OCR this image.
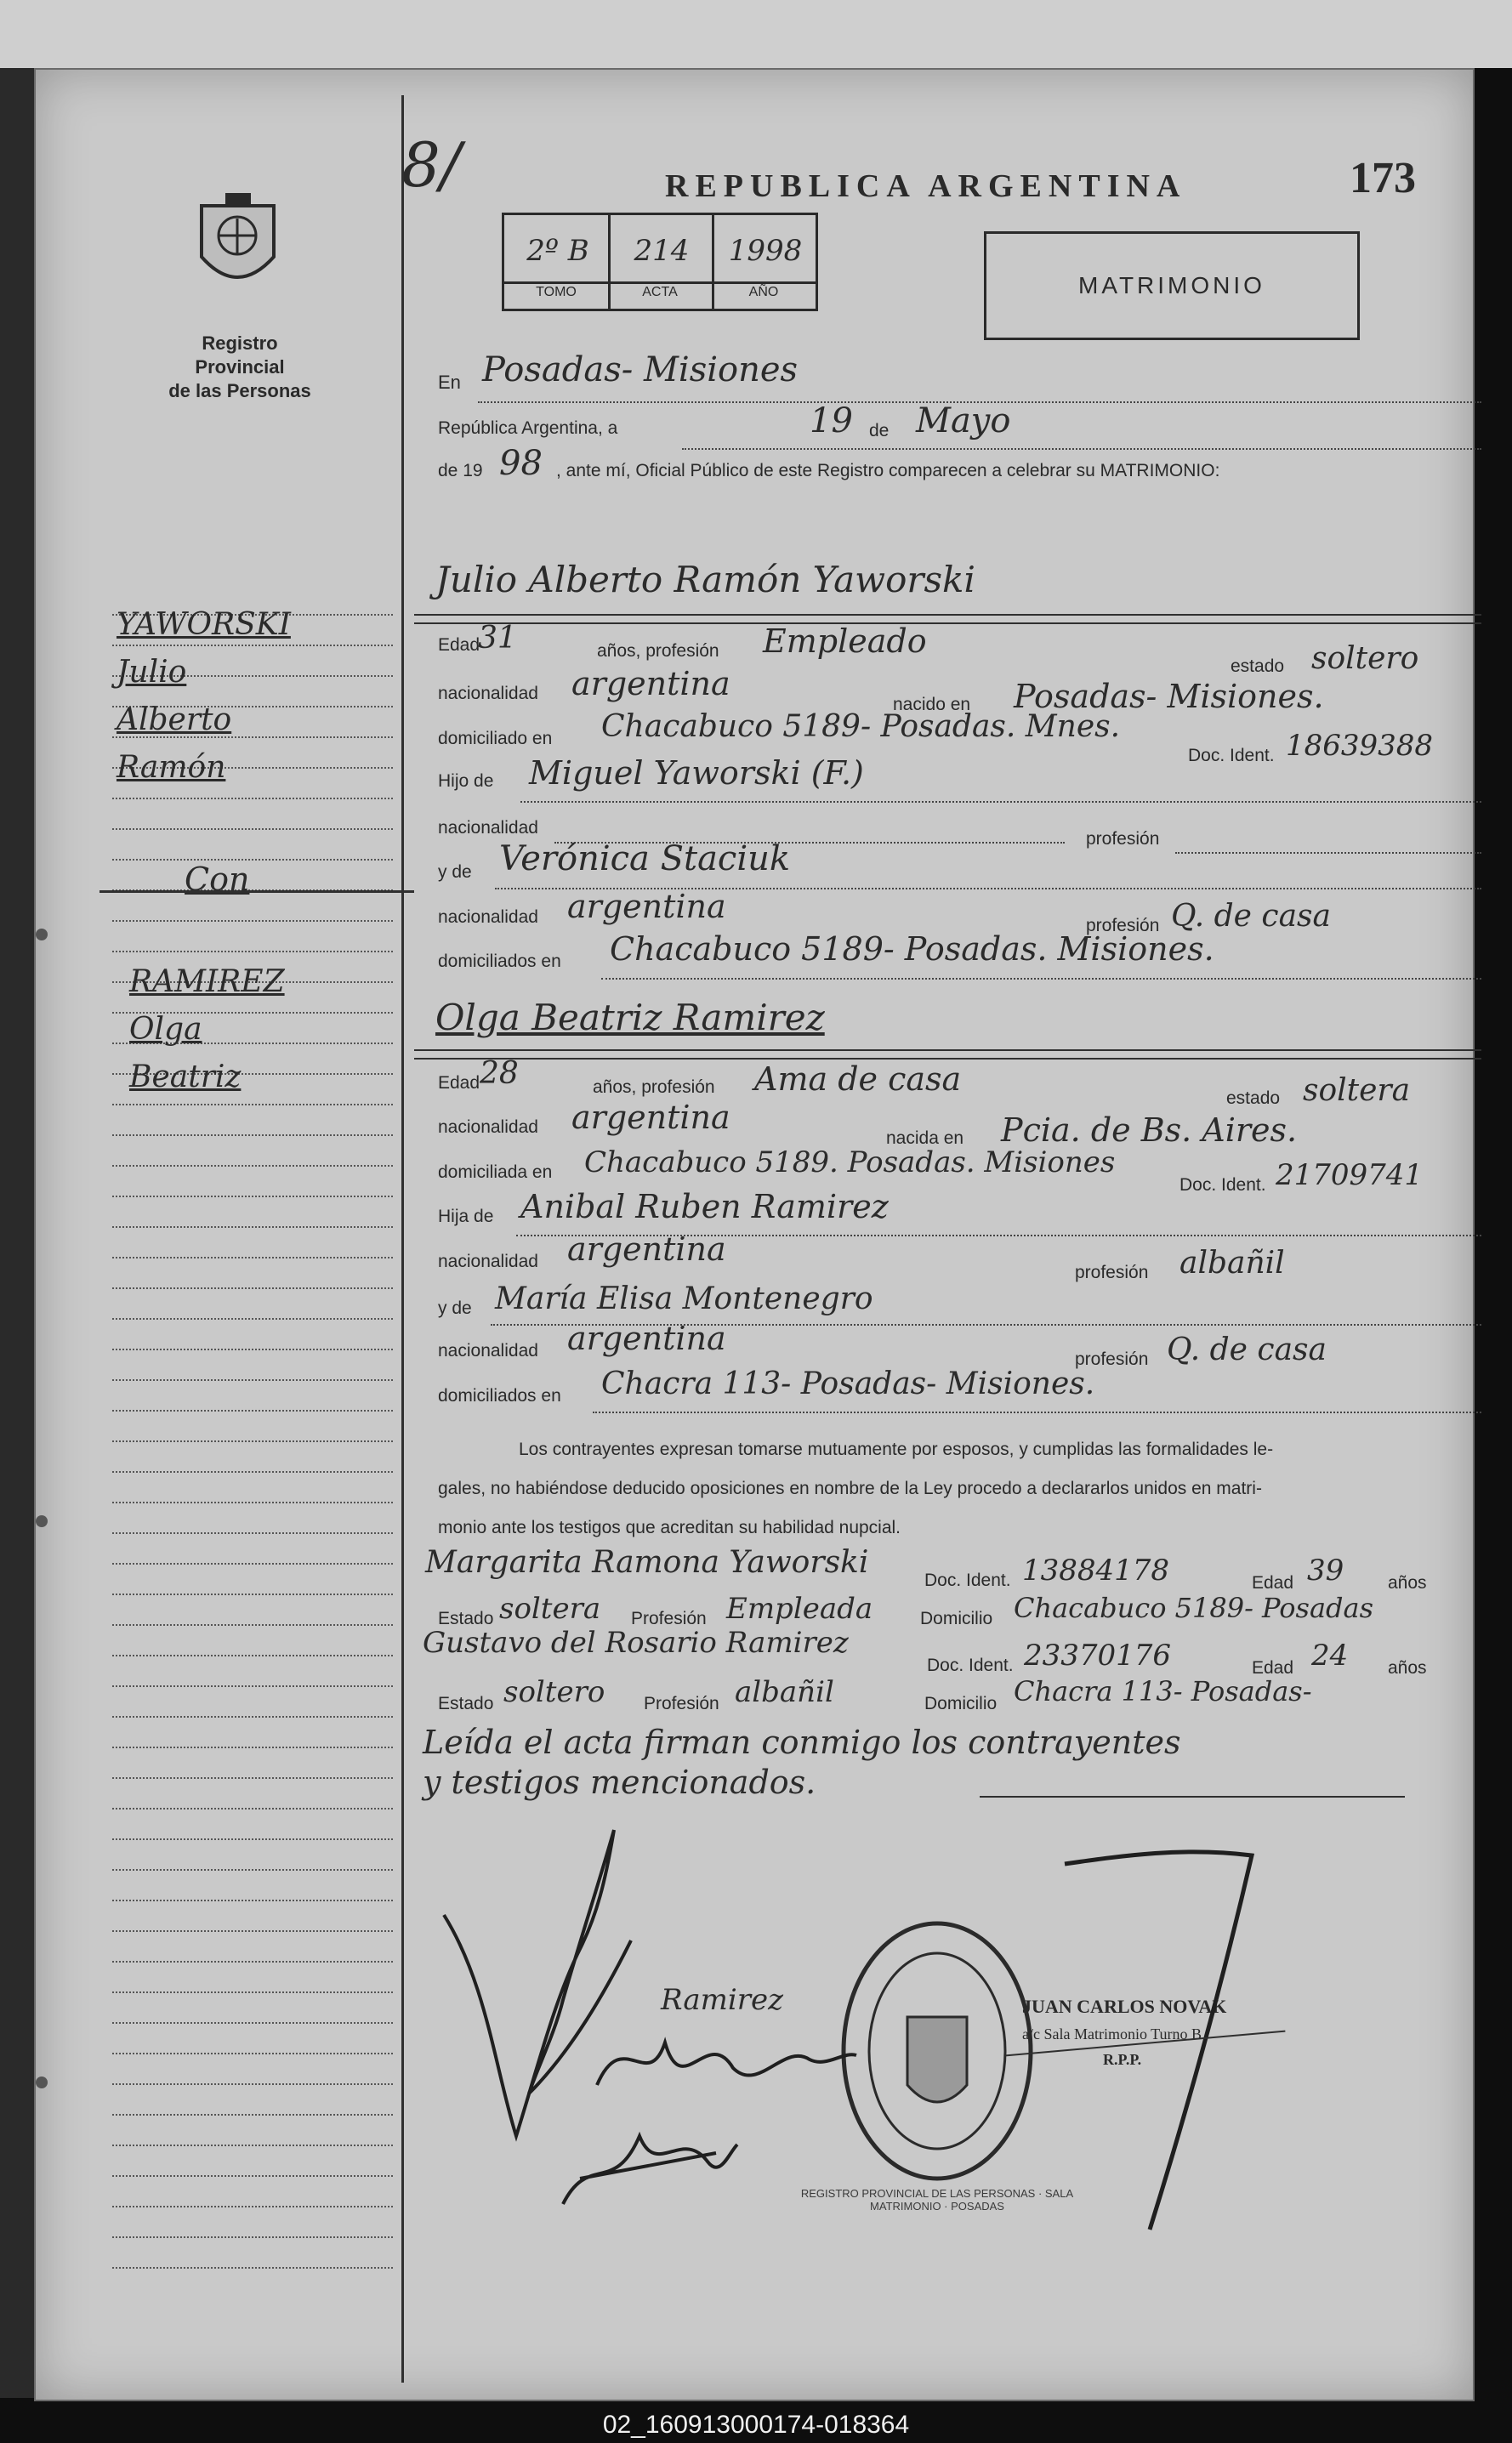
Registro Provincial
de las Personas
8/	REPUBLICA ARGENTINA	173
2º B	214	1998
TOMO	ACTA	AÑO	MATRIMONIO
YAWORSKI
Julio
Alberto
Ramón
Con
RAMIREZ
Olga
Beatriz
En Posadas- Misiones
República Argentina, a	19 de Mayo
de 19 98 , ante mí, Oficial Público de este Registro comparecen a celebrar su MATRIMONIO:
Julio Alberto Ramón Yaworski
Edad
31	años, profesión Empleado
estado soltero
nacionalidad argentina
nacido en Posadas- Misiones.
domiciliado en Chacabuco 5189- Posadas. Mnes.
Doc. Ident. 18639388
Hijo de Miguel Yaworski (F.)
nacionalidad
profesión
y de Verónica Staciuk
nacionalidad argentina
profesión Q. de casa
domiciliados en Chacabuco 5189- Posadas. Misiones.
Olga Beatriz Ramirez
Edad 28	años, profesión Ama de casa
estado soltera
nacionalidad argentina
nacida en Pcia. de Bs. Aires.
domiciliada en Chacabuco 5189. Posadas. Misiones
Doc. Ident. 21709741
Hija de Anibal Ruben Ramirez
nacionalidad argentina
profesión albañil
y de María Elisa Montenegro
nacionalidad argentina
profesión Q. de casa
domiciliados en Chacra 113- Posadas- Misiones.
Los contrayentes expresan tomarse mutuamente por esposos, y cumplidas las formalidades le-
gales, no habiéndose deducido oposiciones en nombre de la Ley procedo a declararlos unidos en matri-
monio ante los testigos que acreditan su habilidad nupcial.
Margarita Ramona Yaworski
Doc. Ident. 13884178	Edad 39 años
Estado soltera Profesión Empleada	Domicilio Chacabuco 5189- Posadas
Gustavo del Rosario Ramirez
Doc. Ident. 23370176	Edad 24 años
Estado soltero Profesión albañil	Domicilio Chacra 113- Posadas-
Leída el acta firman conmigo los contrayentes
y testigos mencionados.
REGISTRO PROVINCIAL DE LAS PERSONAS · SALA MATRIMONIO · POSADAS
JUAN CARLOS NOVAK
a/c Sala Matrimonio Turno B
R.P.P.
Ramirez
02_160913000174-018364
